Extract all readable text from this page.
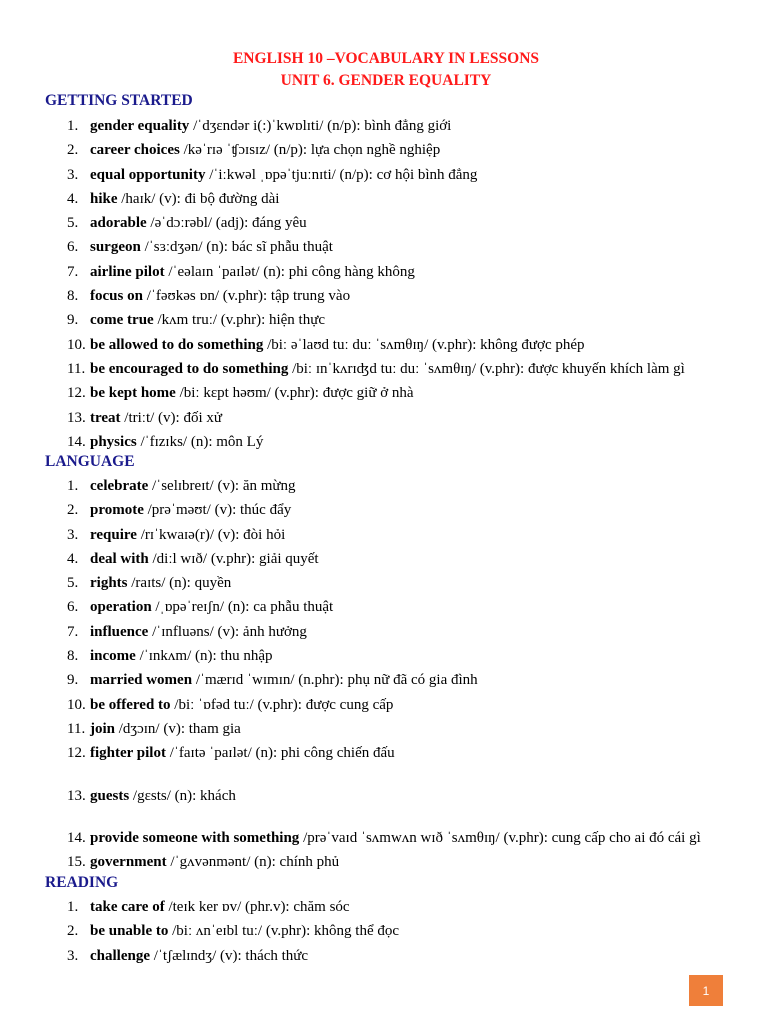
ENGLISH 10 –VOCABULARY IN LESSONS
UNIT 6. GENDER EQUALITY
GETTING STARTED
1. gender equality /ˈdʒɛndər i(:)ˈkwɒlɪti/ (n/p): bình đẳng giới
2. career choices /kəˈrɪə ˈʧɔɪsɪz/ (n/p): lựa chọn nghề nghiệp
3. equal opportunity /ˈiːkwəl ˌɒpəˈtjuːnɪti/ (n/p): cơ hội bình đẳng
4. hike /haɪk/ (v): đi bộ đường dài
5. adorable /əˈdɔːrəbl/ (adj): đáng yêu
6. surgeon /ˈsɜːdʒən/ (n): bác sĩ phẫu thuật
7. airline pilot /ˈeəlaɪn ˈpaɪlət/ (n): phi công hàng không
8. focus on /ˈfəʊkəs ɒn/ (v.phr): tập trung vào
9. come true /kʌm truː/ (v.phr): hiện thực
10. be allowed to do something /biː əˈlaʊd tuː duː ˈsʌmθɪŋ/ (v.phr): không được phép
11. be encouraged to do something /biː ɪnˈkʌrɪʤd tuː duː ˈsʌmθɪŋ/ (v.phr): được khuyến khích làm gì
12. be kept home /biː kɛpt həʊm/ (v.phr): được giữ ở nhà
13. treat /triːt/ (v): đối xử
14. physics /ˈfɪzɪks/ (n): môn Lý
LANGUAGE
1. celebrate /ˈselɪbreɪt/ (v): ăn mừng
2. promote /prəˈməʊt/ (v): thúc đẩy
3. require /rɪˈkwaɪə(r)/ (v): đòi hỏi
4. deal with /diːl wɪð/ (v.phr): giải quyết
5. rights /raɪts/ (n): quyền
6. operation /ˌɒpəˈreɪʃn/ (n): ca phẫu thuật
7. influence /ˈɪnfluəns/ (v): ảnh hưởng
8. income /ˈɪnkʌm/ (n): thu nhập
9. married women /ˈmærɪd ˈwɪmɪn/ (n.phr): phụ nữ đã có gia đình
10. be offered to /biː ˈɒfəd tuː/ (v.phr): được cung cấp
11. join /dʒɔɪn/ (v): tham gia
12. fighter pilot /ˈfaɪtə ˈpaɪlət/ (n): phi công chiến đấu
13. guests /gɛsts/ (n): khách
14. provide someone with something /prəˈvaɪd ˈsʌmwʌn wɪð ˈsʌmθɪŋ/ (v.phr): cung cấp cho ai đó cái gì
15. government /ˈgʌvənmənt/ (n): chính phủ
READING
1. take care of /teɪk ker ɒv/ (phr.v): chăm sóc
2. be unable to /biː ʌnˈeɪbl tuː/ (v.phr): không thể đọc
3. challenge /ˈtʃælɪndʒ/ (v): thách thức
1
